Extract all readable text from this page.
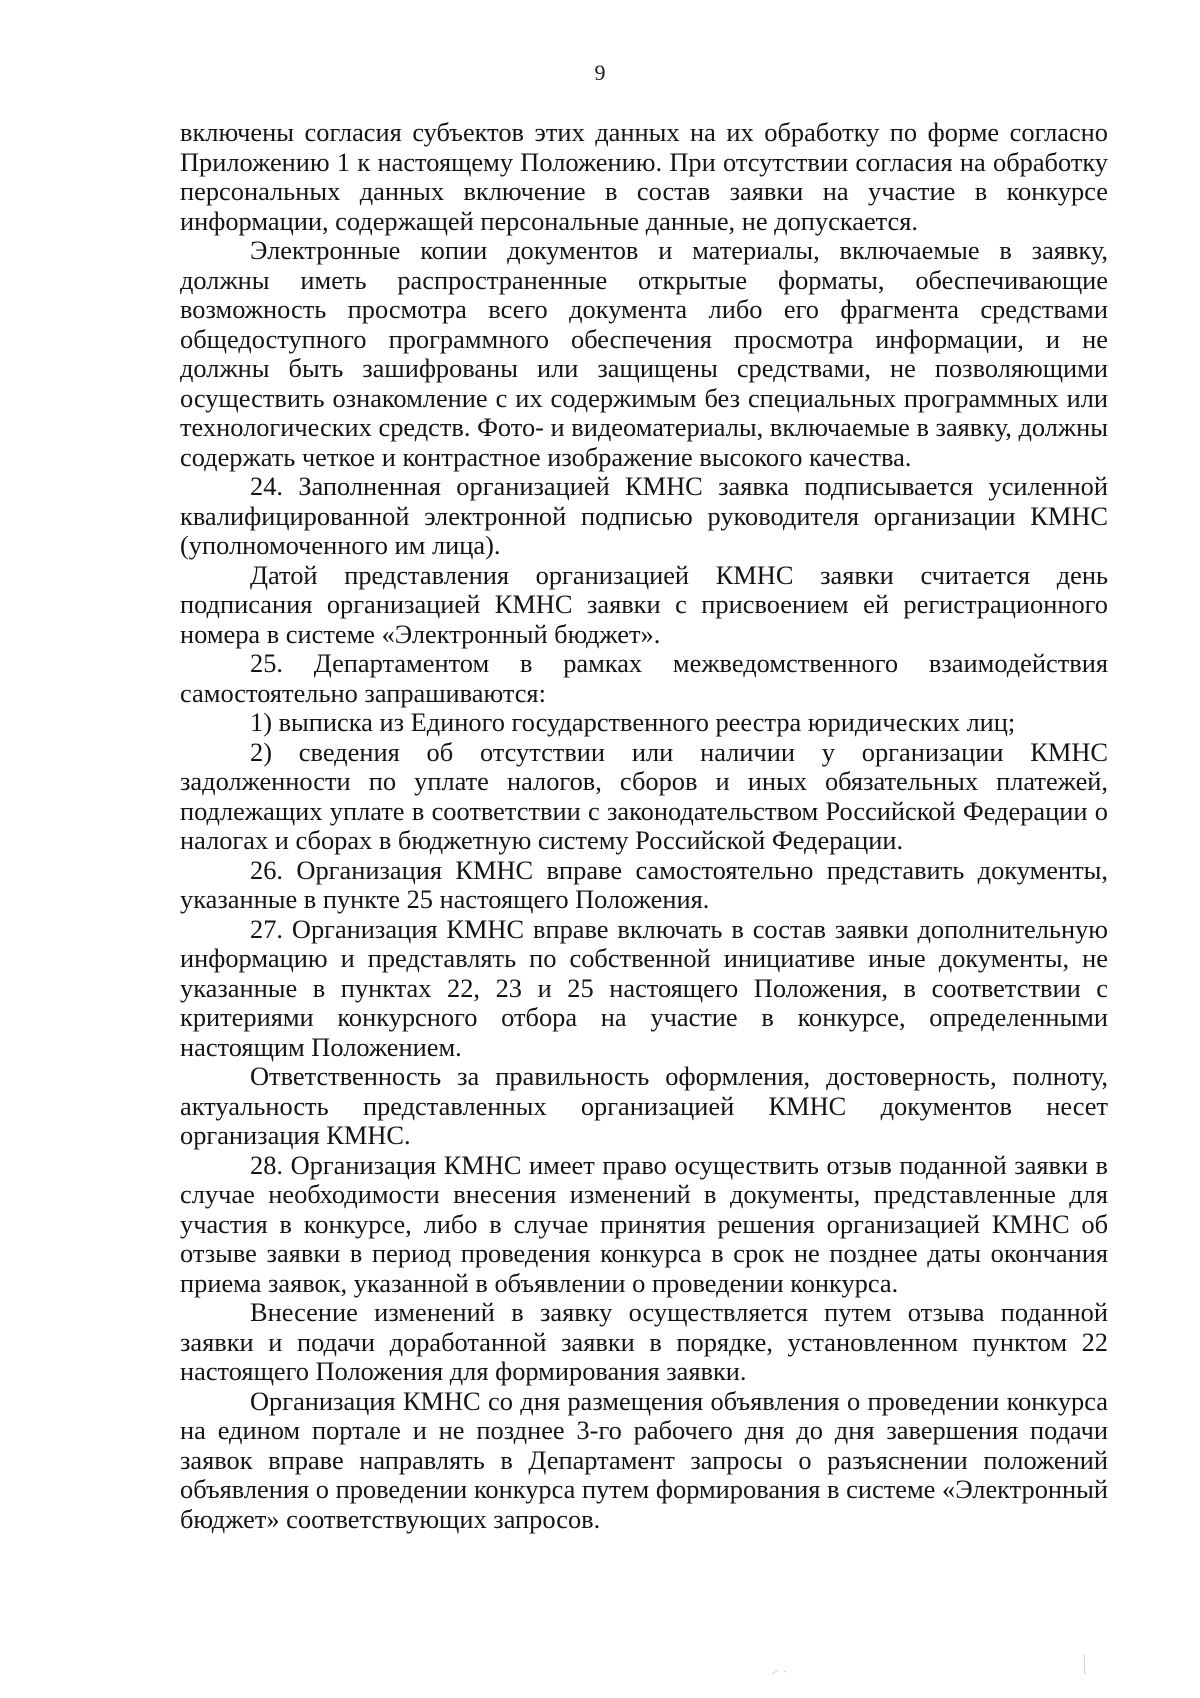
9

включены согласия субъектов этих данных на их обработку по форме согласно Приложению 1 к настоящему Положению. При отсутствии согласия на обработку персональных данных включение в состав заявки на участие в конкурсе информации, содержащей персональные данные, не допускается.

Электронные копии документов и материалы, включаемые в заявку, должны иметь распространенные открытые форматы, обеспечивающие возможность просмотра всего документа либо его фрагмента средствами общедоступного программного обеспечения просмотра информации, и не должны быть зашифрованы или защищены средствами, не позволяющими осуществить ознакомление с их содержимым без специальных программных или технологических средств. Фото- и видеоматериалы, включаемые в заявку, должны содержать четкое и контрастное изображение высокого качества.

24. Заполненная организацией КМНС заявка подписывается усиленной квалифицированной электронной подписью руководителя организации КМНС (уполномоченного им лица).

Датой представления организацией КМНС заявки считается день подписания организацией КМНС заявки с присвоением ей регистрационного номера в системе «Электронный бюджет».

25. Департаментом в рамках межведомственного взаимодействия самостоятельно запрашиваются:

1) выписка из Единого государственного реестра юридических лиц;

2) сведения об отсутствии или наличии у организации КМНС задолженности по уплате налогов, сборов и иных обязательных платежей, подлежащих уплате в соответствии с законодательством Российской Федерации о налогах и сборах в бюджетную систему Российской Федерации.

26. Организация КМНС вправе самостоятельно представить документы, указанные в пункте 25 настоящего Положения.

27. Организация КМНС вправе включать в состав заявки дополнительную информацию и представлять по собственной инициативе иные документы, не указанные в пунктах 22, 23 и 25 настоящего Положения, в соответствии с критериями конкурсного отбора на участие в конкурсе, определенными настоящим Положением.

Ответственность за правильность оформления, достоверность, полноту, актуальность представленных организацией КМНС документов несет организация КМНС.

28. Организация КМНС имеет право осуществить отзыв поданной заявки в случае необходимости внесения изменений в документы, представленные для участия в конкурсе, либо в случае принятия решения организацией КМНС об отзыве заявки в период проведения конкурса в срок не позднее даты окончания приема заявок, указанной в объявлении о проведении конкурса.

Внесение изменений в заявку осуществляется путем отзыва поданной заявки и подачи доработанной заявки в порядке, установленном пунктом 22 настоящего Положения для формирования заявки.

Организация КМНС со дня размещения объявления о проведении конкурса на едином портале и не позднее 3-го рабочего дня до дня завершения подачи заявок вправе направлять в Департамент запросы о разъяснении положений объявления о проведении конкурса путем формирования в системе «Электронный бюджет» соответствующих запросов.
